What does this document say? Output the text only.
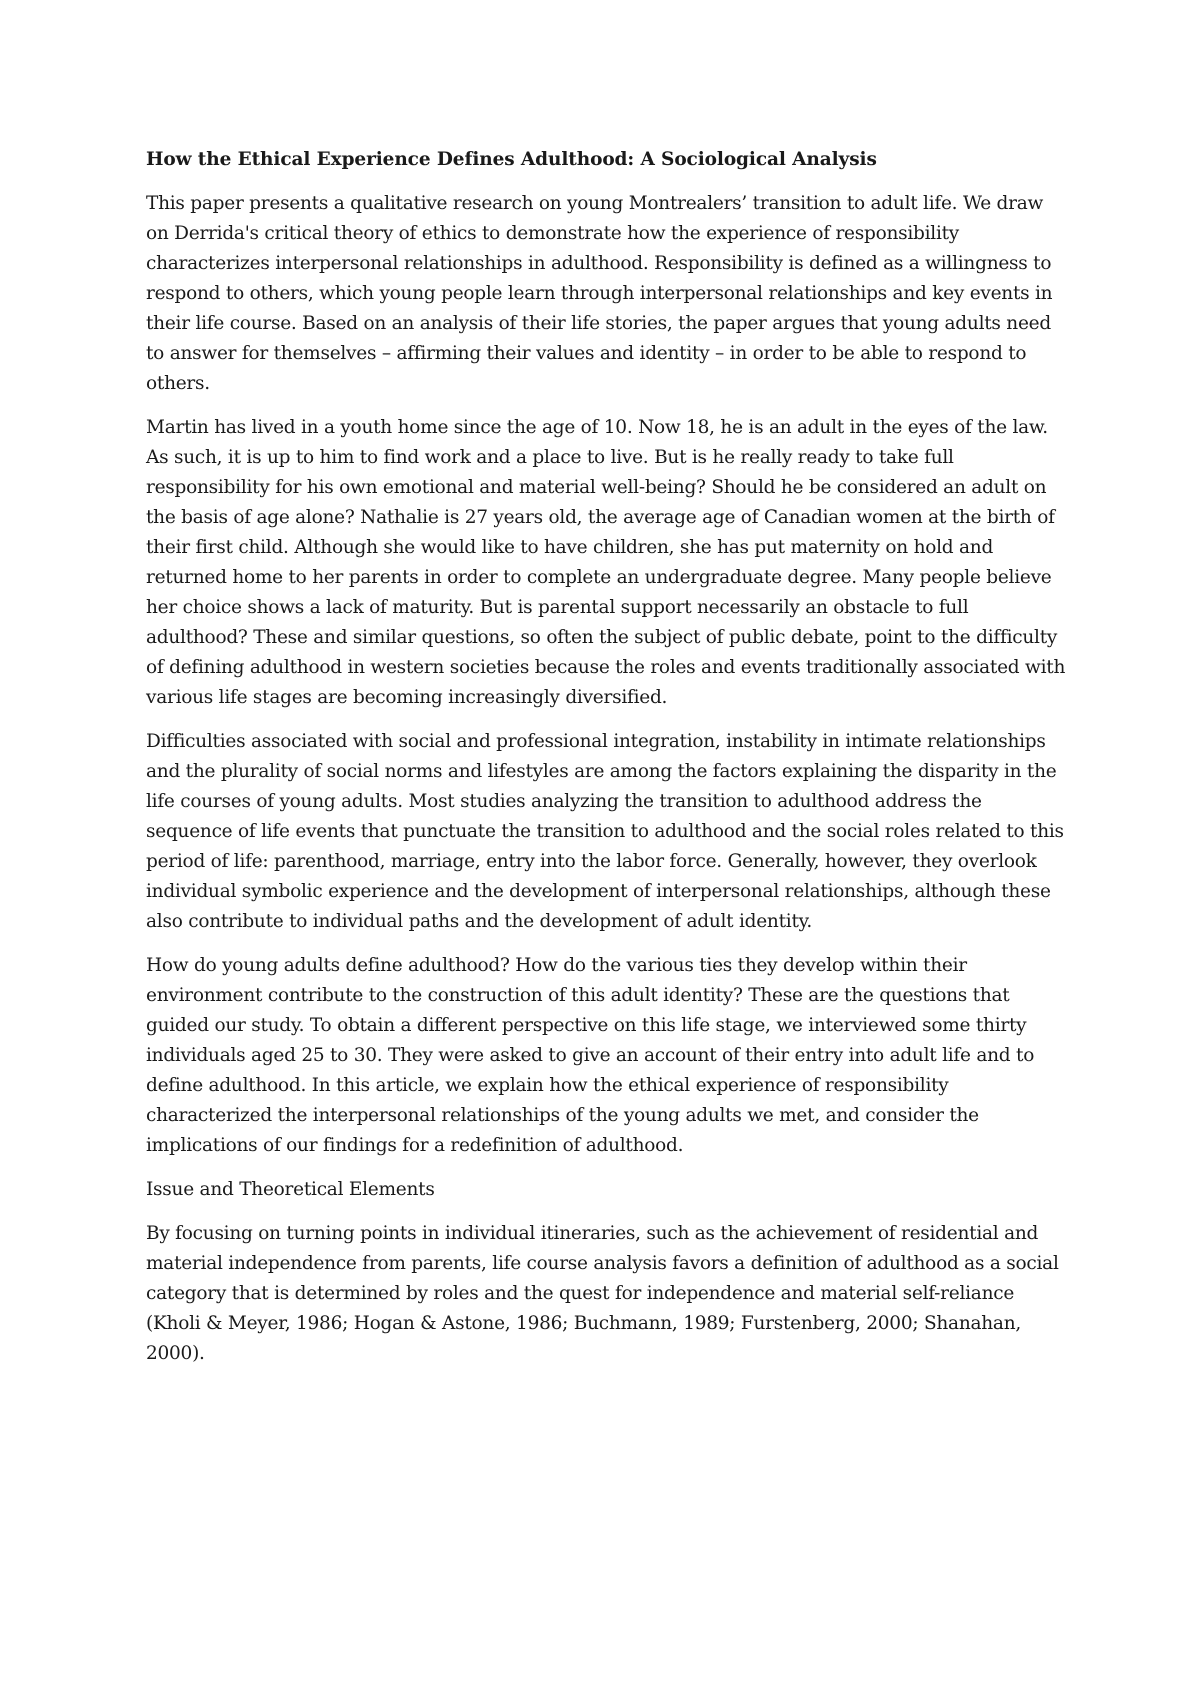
How the Ethical Experience Defines Adulthood: A Sociological Analysis

This paper presents a qualitative research on young Montrealers’ transition to adult life. We draw on Derrida's critical theory of ethics to demonstrate how the experience of responsibility characterizes interpersonal relationships in adulthood. Responsibility is defined as a willingness to respond to others, which young people learn through interpersonal relationships and key events in their life course. Based on an analysis of their life stories, the paper argues that young adults need to answer for themselves – affirming their values and identity – in order to be able to respond to others.

Martin has lived in a youth home since the age of 10. Now 18, he is an adult in the eyes of the law. As such, it is up to him to find work and a place to live. But is he really ready to take full responsibility for his own emotional and material well-being? Should he be considered an adult on the basis of age alone? Nathalie is 27 years old, the average age of Canadian women at the birth of their first child. Although she would like to have children, she has put maternity on hold and returned home to her parents in order to complete an undergraduate degree. Many people believe her choice shows a lack of maturity. But is parental support necessarily an obstacle to full adulthood? These and similar questions, so often the subject of public debate, point to the difficulty of defining adulthood in western societies because the roles and events traditionally associated with various life stages are becoming increasingly diversified.

Difficulties associated with social and professional integration, instability in intimate relationships and the plurality of social norms and lifestyles are among the factors explaining the disparity in the life courses of young adults. Most studies analyzing the transition to adulthood address the sequence of life events that punctuate the transition to adulthood and the social roles related to this period of life: parenthood, marriage, entry into the labor force. Generally, however, they overlook individual symbolic experience and the development of interpersonal relationships, although these also contribute to individual paths and the development of adult identity.

How do young adults define adulthood? How do the various ties they develop within their environment contribute to the construction of this adult identity? These are the questions that guided our study. To obtain a different perspective on this life stage, we interviewed some thirty individuals aged 25 to 30. They were asked to give an account of their entry into adult life and to define adulthood. In this article, we explain how the ethical experience of responsibility characterized the interpersonal relationships of the young adults we met, and consider the implications of our findings for a redefinition of adulthood.

Issue and Theoretical Elements

By focusing on turning points in individual itineraries, such as the achievement of residential and material independence from parents, life course analysis favors a definition of adulthood as a social category that is determined by roles and the quest for independence and material self-reliance (Kholi & Meyer, 1986; Hogan & Astone, 1986; Buchmann, 1989; Furstenberg, 2000; Shanahan, 2000).
